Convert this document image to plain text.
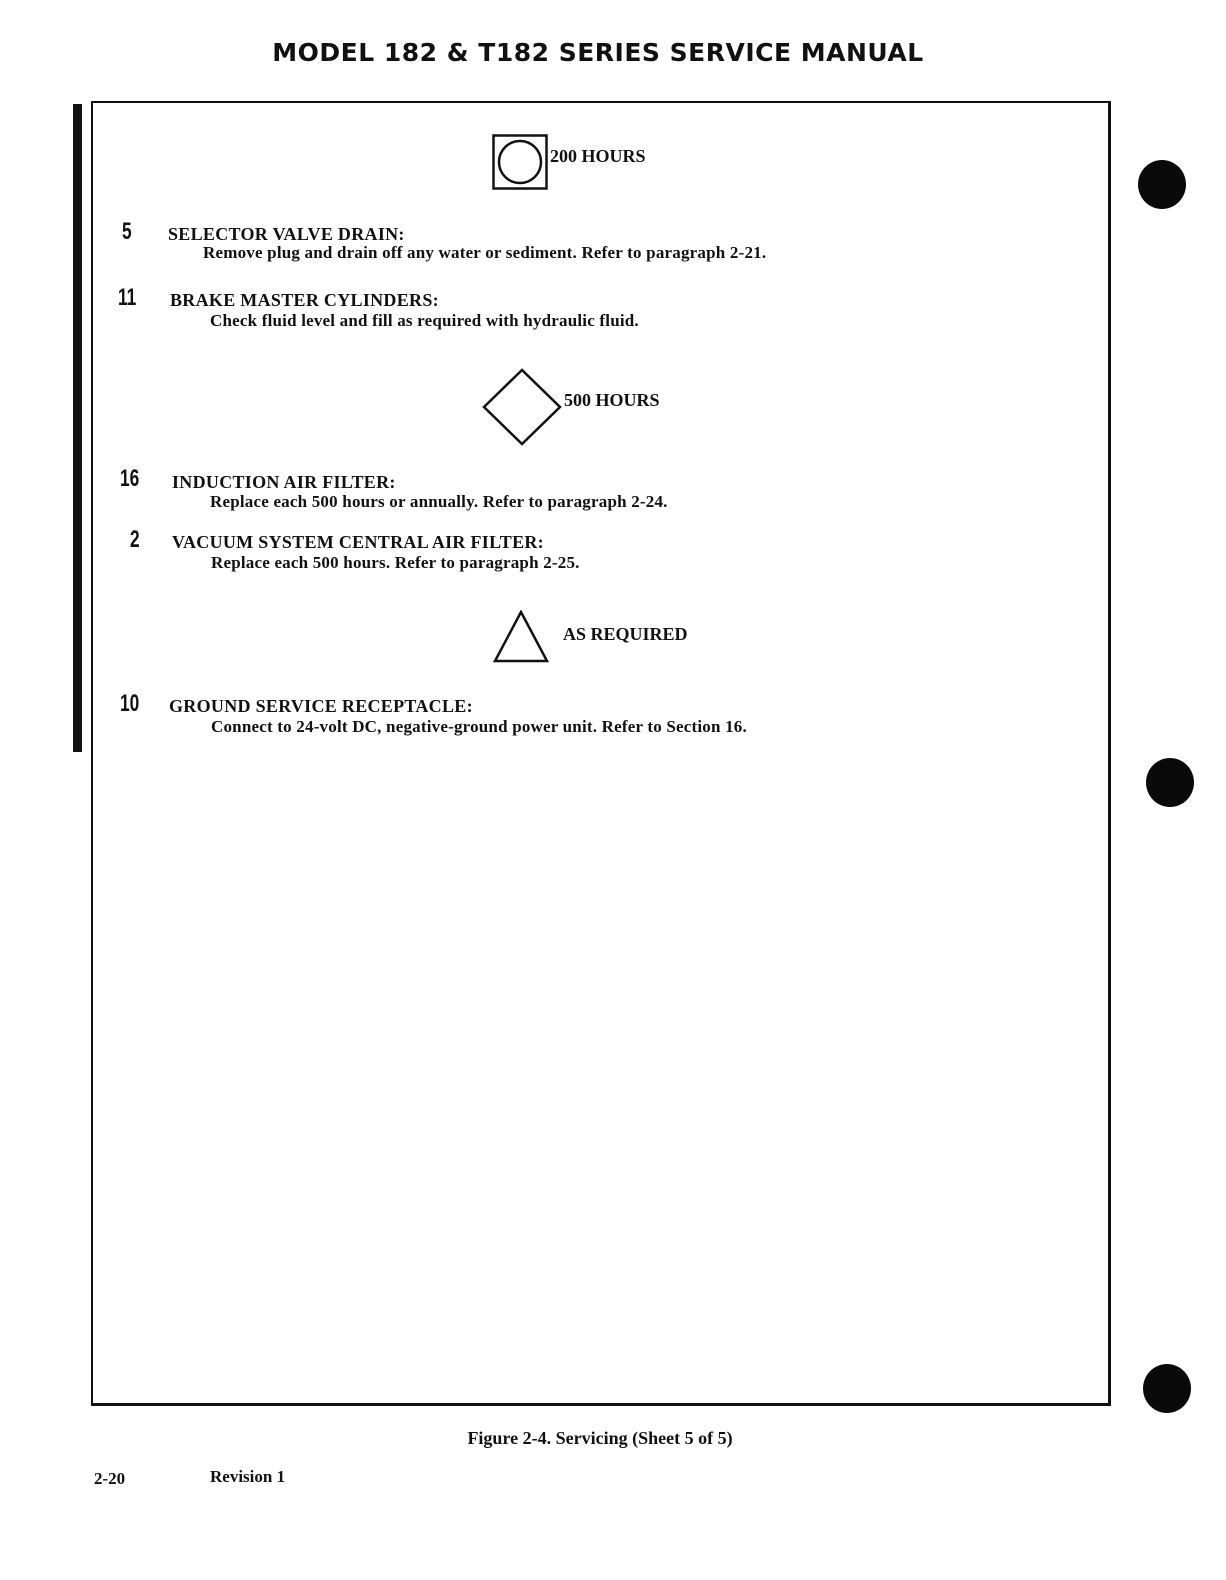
MODEL 182 & T182 SERIES SERVICE MANUAL
200 HOURS
5 SELECTOR VALVE DRAIN:
Remove plug and drain off any water or sediment. Refer to paragraph 2-21.
11 BRAKE MASTER CYLINDERS:
Check fluid level and fill as required with hydraulic fluid.
500 HOURS
16 INDUCTION AIR FILTER:
Replace each 500 hours or annually. Refer to paragraph 2-24.
2 VACUUM SYSTEM CENTRAL AIR FILTER:
Replace each 500 hours. Refer to paragraph 2-25.
AS REQUIRED
10 GROUND SERVICE RECEPTACLE:
Connect to 24-volt DC, negative-ground power unit. Refer to Section 16.
Figure 2-4. Servicing (Sheet 5 of 5)
2-20	Revision 1
